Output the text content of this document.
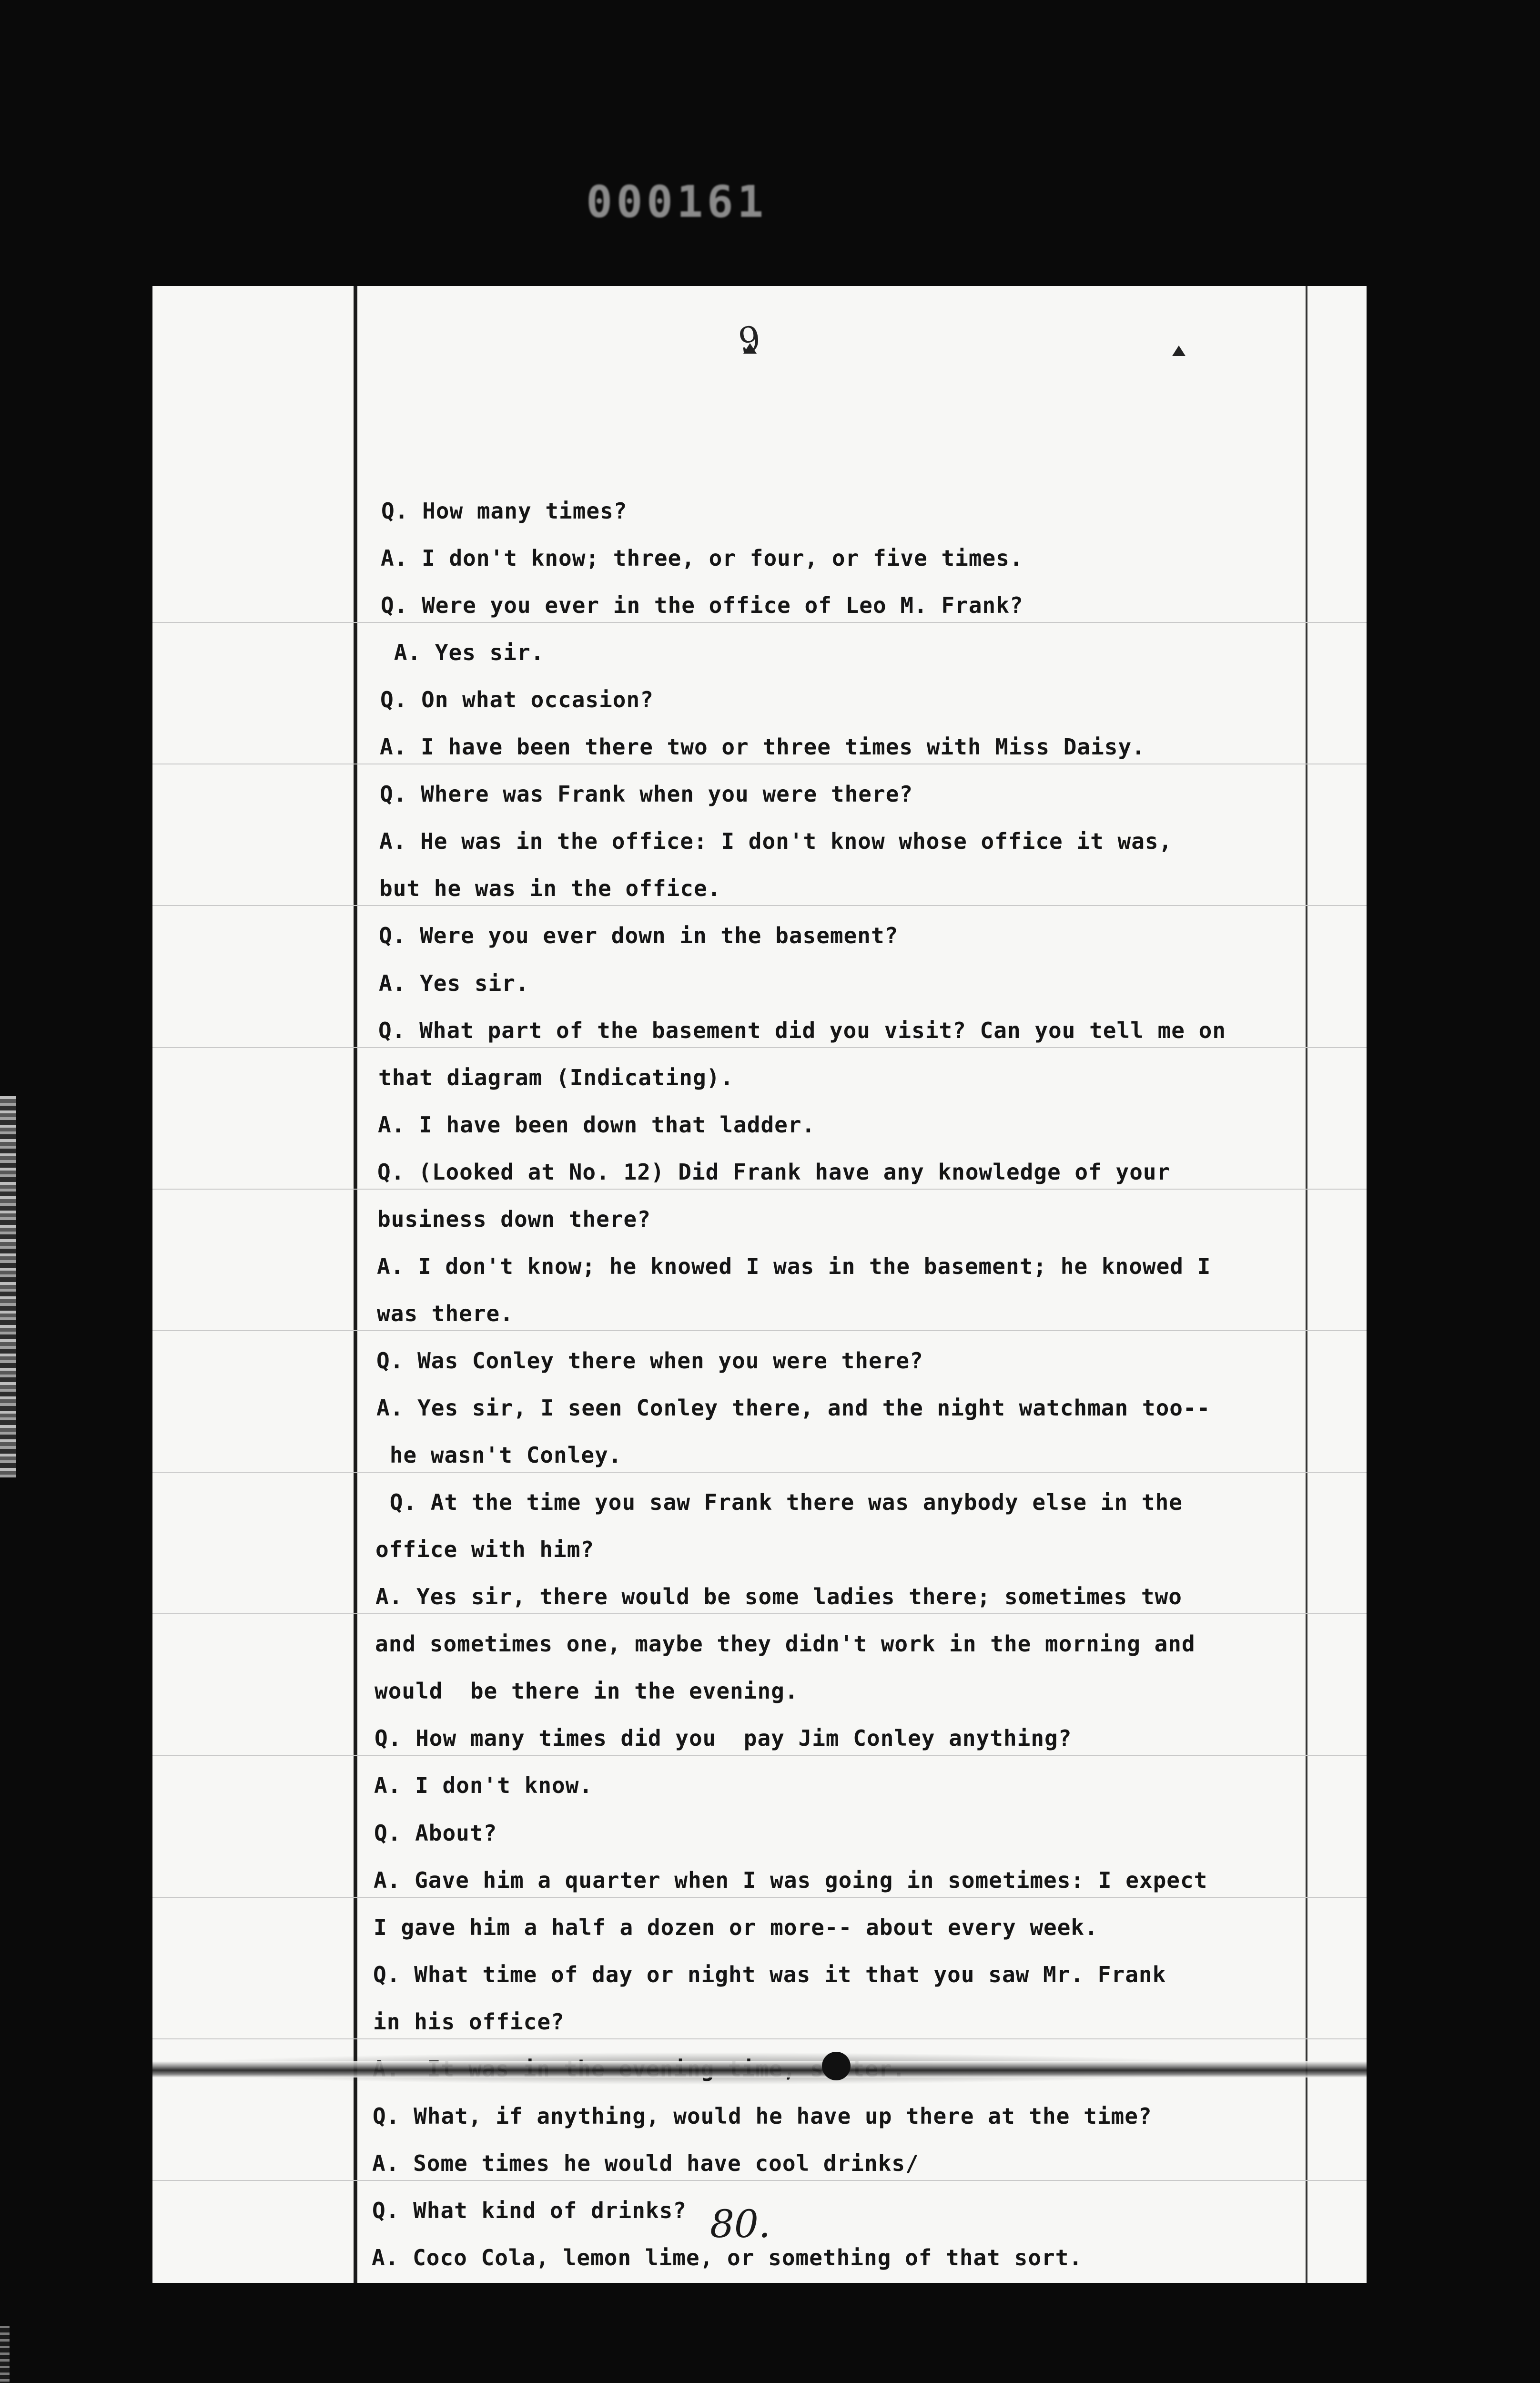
000161
9
Q. How many times?
A. I don't know; three, or four, or five times.
Q. Were you ever in the office of Leo M. Frank?
A. Yes sir.
Q. On what occasion?
A. I have been there two or three times with Miss Daisy.
Q. Where was Frank when you were there?
A. He was in the office: I don't know whose office it was,
but he was in the office.
Q. Were you ever down in the basement?
A. Yes sir.
Q. What part of the basement did you visit? Can you tell me on
that diagram (Indicating).
A. I have been down that ladder.
Q. (Looked at No. 12) Did Frank have any knowledge of your
business down there?
A. I don't know; he knowed I was in the basement; he knowed I
was there.
Q. Was Conley there when you were there?
A. Yes sir, I seen Conley there, and the night watchman too--
he wasn't Conley.
Q. At the time you saw Frank there was anybody else in the
office with him?
A. Yes sir, there would be some ladies there; sometimes two
and sometimes one, maybe they didn't work in the morning and
would  be there in the evening.
Q. How many times did you  pay Jim Conley anything?
A. I don't know.
Q. About?
A. Gave him a quarter when I was going in sometimes: I expect
I gave him a half a dozen or more-- about every week.
Q. What time of day or night was it that you saw Mr. Frank
in his office?
Q. What, if anything, would he have up there at the time?
A. Some times he would have cool drinks/
Q. What kind of drinks?
A. Coco Cola, lemon lime, or something of that sort.
80.
